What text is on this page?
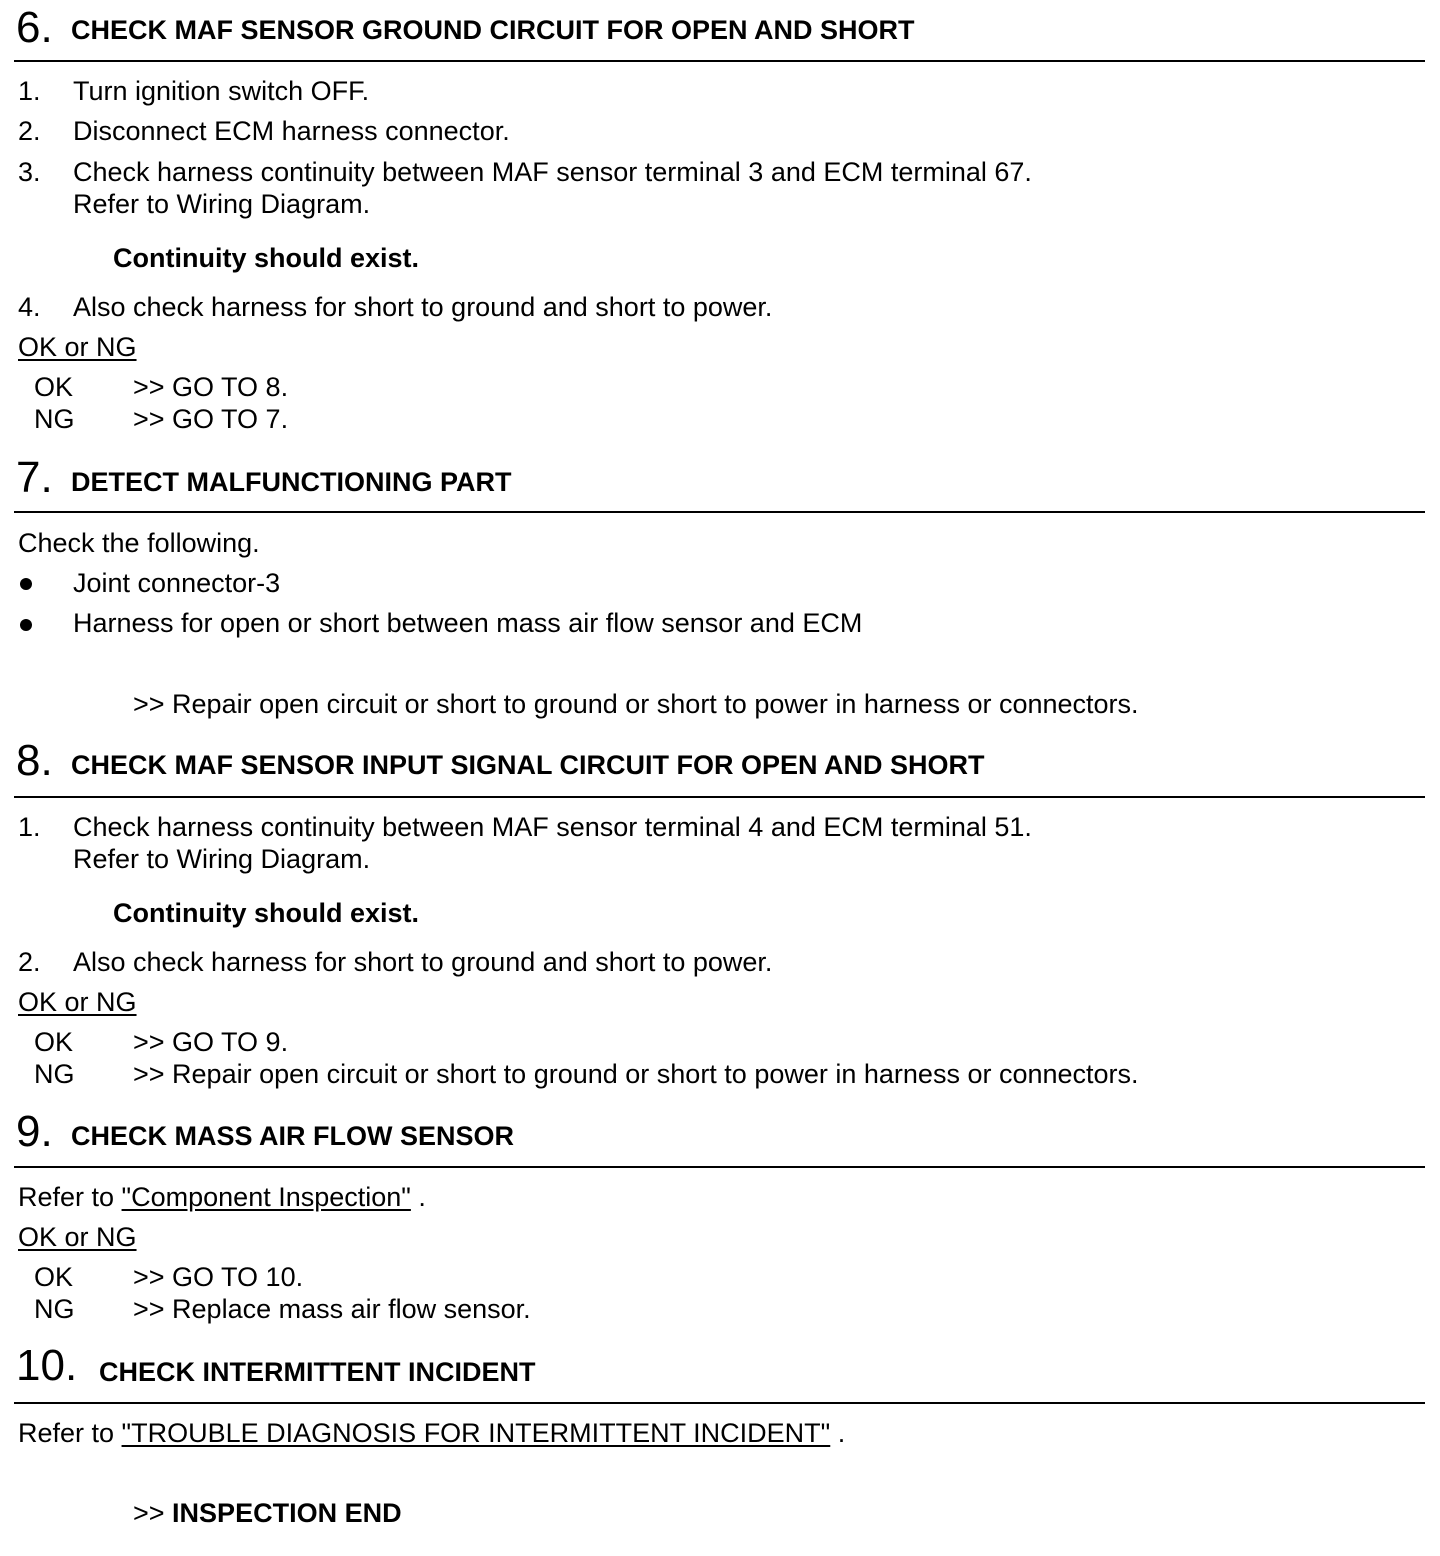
6. CHECK MAF SENSOR GROUND CIRCUIT FOR OPEN AND SHORT
1. Turn ignition switch OFF.
2. Disconnect ECM harness connector.
3. Check harness continuity between MAF sensor terminal 3 and ECM terminal 67.
Refer to Wiring Diagram.
Continuity should exist.
4. Also check harness for short to ground and short to power.
OK or NG
OK >> GO TO 8.
NG >> GO TO 7.
7. DETECT MALFUNCTIONING PART
Check the following.
Joint connector-3
Harness for open or short between mass air flow sensor and ECM
>> Repair open circuit or short to ground or short to power in harness or connectors.
8. CHECK MAF SENSOR INPUT SIGNAL CIRCUIT FOR OPEN AND SHORT
1. Check harness continuity between MAF sensor terminal 4 and ECM terminal 51.
Refer to Wiring Diagram.
Continuity should exist.
2. Also check harness for short to ground and short to power.
OK or NG
OK >> GO TO 9.
NG >> Repair open circuit or short to ground or short to power in harness or connectors.
9. CHECK MASS AIR FLOW SENSOR
Refer to "Component Inspection" .
OK or NG
OK >> GO TO 10.
NG >> Replace mass air flow sensor.
10. CHECK INTERMITTENT INCIDENT
Refer to "TROUBLE DIAGNOSIS FOR INTERMITTENT INCIDENT" .
>> INSPECTION END
